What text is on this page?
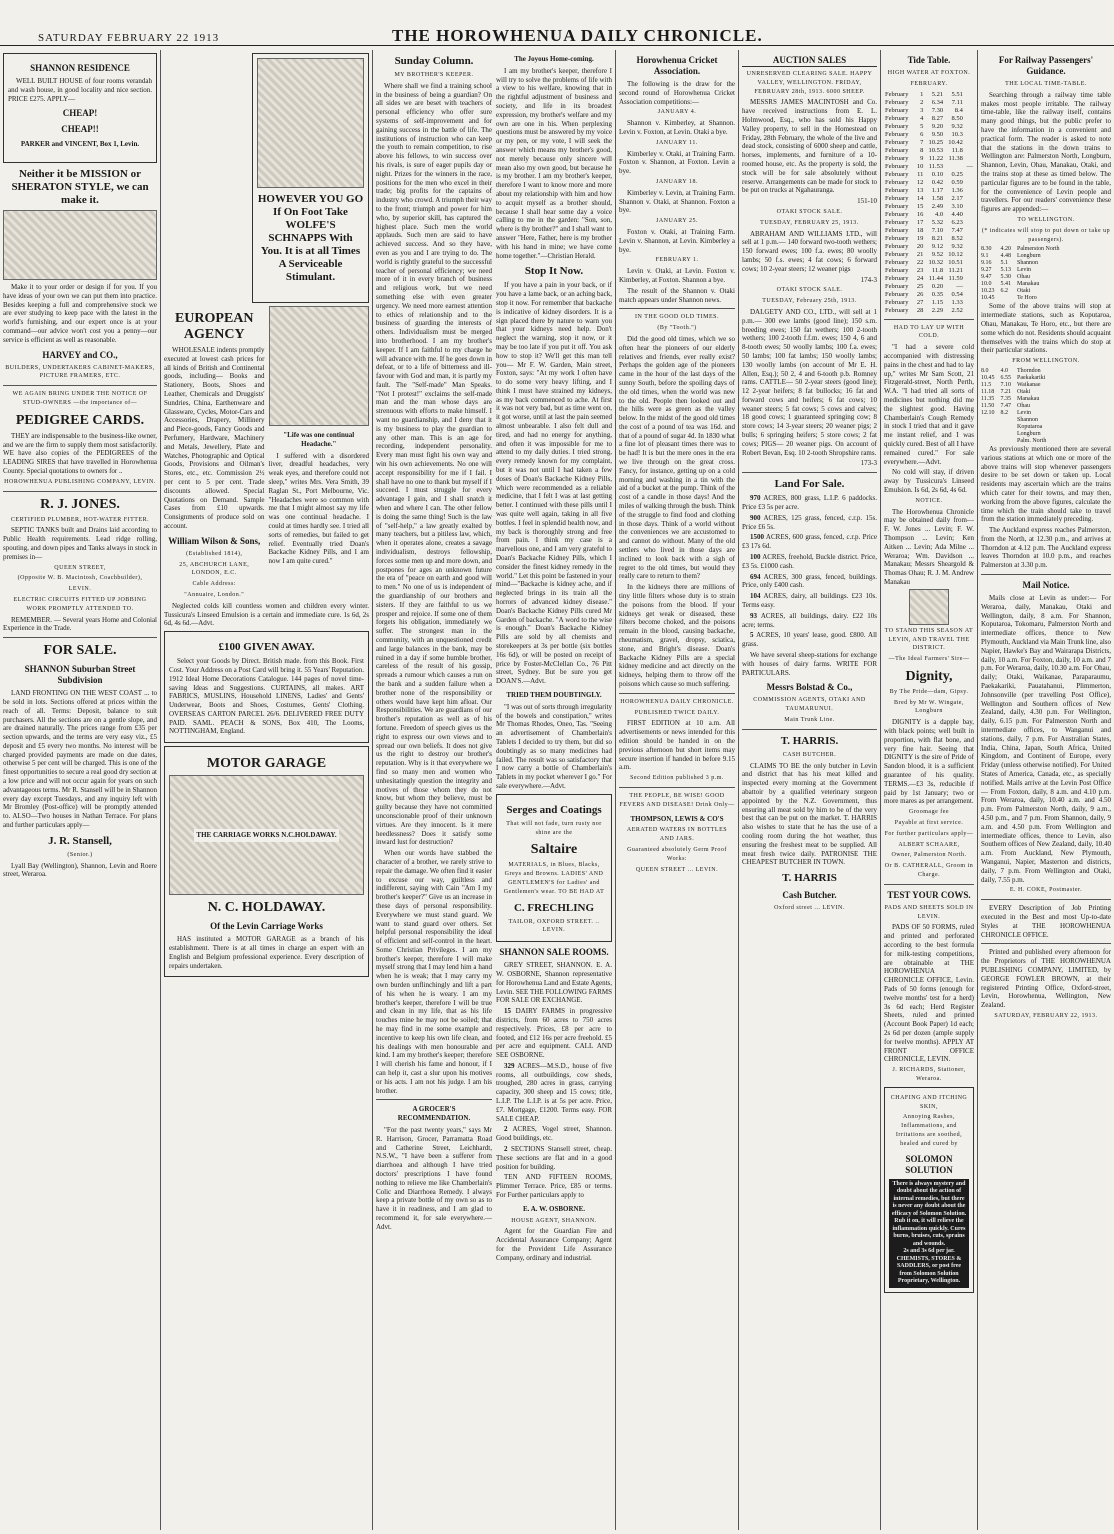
SATURDAY FEBRUARY 22 1913	THE HOROWHENUA DAILY CHRONICLE.
SHANNON RESIDENCE

WELL BUILT HOUSE of four rooms verandah and wash house, in good locality and nice section. PRICE £275. APPLY—

CHEAP!
CHEAP!!
PARKER and VINCENT, Box 1, Levin.
Neither it be MISSION or SHERATON STYLE, we can make it.

Make it to your order or design if for you. If you have ideas of your own we can put them into practice. Besides keeping a full and comprehensive stock we are ever studying to keep pace with the latest in the world's furnishing, and our expert once is at your command—our advice won't cost you a penny—our service is efficient as well as reasonable.

HARVEY and CO.,
BUILDERS, UNDERTAKERS CABINET-MAKERS, PICTURE FRAMERS, ETC.
WE AGAIN BRING UNDER THE NOTICE OF STUD-OWNERS —the importance of—
PEDIGREE CARDS.

THEY are indispensable to the business-like owner, and we are the firm to supply them most satisfactorily. WE have also copies of the PEDIGREES of the LEADING SIRES that have travelled in Horowhenua County. Special quotations to owners for ..

HOROWHENUA PUBLISHING COMPANY, LEVIN.
R. J. JONES.
CERTIFIED PLUMBER, HOT-WATER FITTER.

SEPTIC TANKS built and Drains laid according to Public Health requirements. Lead ridge rolling, spouting, and down pipes and Tanks always in stock in premises in—

QUEEN STREET,
(Opposite W. B. Macintosh, Coachbuilder),
LEVIN.
ELECTRIC CIRCUITS FITTED UP JOBBING WORK PROMPTLY ATTENDED TO.

REMEMBER. — Several years Home and Colonial Experience in the Trade.

FOR SALE.
SHANNON Suburban Street Subdivision

LAND FRONTING ON THE WEST COAST ... to be sold in lots. Sections offered at prices within the reach of all. Terms: Deposit, balance to suit purchasers. All the sections are on a gentle slope, and are drained naturally. The prices range from £35 per section upwards, and the terms are very easy viz., £5 deposit and £5 every two months. No interest will be charged provided payments are made on due dates, otherwise 5 per cent will be charged. This is one of the finest opportunities to secure a real good dry section at a low price and will not occur again for years on such advantageous terms. Mr R. Stansell will be in Shannon every day except Tuesdays, and any inquiry left with Mr Bromley (Post-office) will be promptly attended to. ALSO—Two houses in Nathan Terrace. For plans and further particulars apply—

J. R. Stansell,
(Senior.)

Lyall Bay (Wellington), Shannon, Levin and Roere street, Weraroa.

HOWEVER YOU GO If On Foot Take WOLFE'S SCHNAPPS With You. It is at all Times A Serviceable Stimulant.
EUROPEAN AGENCY

WHOLESALE indents promptly executed at lowest cash prices for all kinds of British and Continental goods, including— Books and Stationery, Boots, Shoes and Leather, Chemicals and Druggists' Sundries, China, Earthenware and Glassware, Cycles, Motor-Cars and Accessories, Drapery, Millinery and Piece-goods, Fancy Goods and Perfumery, Hardware, Machinery and Metals, Jewellery, Plate and Watches, Photographic and Optical Goods, Provisions and Oilman's Stores, etc., etc. Commission 2½ per cent to 5 per cent. Trade discounts allowed. Special Quotations on Demand. Sample Cases from £10 upwards. Consignments of produce sold on account.

William Wilson & Sons,
(Established 1814),
25, ABCHURCH LANE, LONDON, E.C.
Cable Address:
"Annuaire, London."
"Life was one continual Headache."

I suffered with a disordered liver, dreadful headaches, very weak eyes, and therefore could not sleep," writes Mrs. Vera Smith, 39 Raglan St., Port Melbourne, Vic. "Headaches were so common with me that I might almost say my life was one continual headache. I could at times hardly see. I tried all sorts of remedies, but failed to get relief. Eventually tried Doan's Backache Kidney Pills, and I am now I am quite cured."

Neglected colds kill countless women and children every winter. Tussicura's Linseed Emulsion is a certain and immediate cure. 1s 6d, 2s 6d, 4s 6d.—Advt.

£100 GIVEN AWAY.

Select your Goods by Direct. British made. from this Book. First Cost. Your Address on a Post Card will bring it. 55 Years' Reputation. 1912 Ideal Home Decorations Catalogue. 144 pages of novel time-saving Ideas and Suggestions. CURTAINS, all makes. ART FABRICS, MUSLINS, Household LINENS, Ladies' and Gents' Underwear, Boots and Shoes, Costumes, Gents' Clothing. OVERSEAS CARTON PARCEL 26/6. DELIVERED FREE DUTY PAID. SAML. PEACH & SONS, Box 410, The Looms, NOTTINGHAM, England.

MOTOR GARAGE
THE CARRIAGE WORKS N.C.HOLDAWAY.
N. C. HOLDAWAY.
Of the Levin Carriage Works

HAS instituted a MOTOR GARAGE as a branch of his establishment. There is at all times in charge an expert with an English and Belgium professional experience. Every description of repairs undertaken.

Sunday Column.
MY BROTHER'S KEEPER.

Where shall we find a training school in the business of being a guardian? On all sides we are beset with teachers of personal efficiency who offer sure systems of self-improvement and for gaining success in the battle of life. The institutions of instruction who can keep the youth to remain competition, to rise above his fellows, to win success over his rivals, is sure of eager pupils day or night. Prizes for the winners in the race, positions for the men who excel in their trade; big profits for the captains of industry who crowd. A triumph their way to the front; triumph and power for him who, by superior skill, has captured the highest place. Such men the world applauds. Such men are said to have achieved success. And so they have, even as you and I are trying to do. The world is rightly grateful to the successful teacher of personal efficiency; we need more of it in every branch of business and religious work, but we need something else with even greater urgency. We need more earnest attention to ethics of relationship and to the business of guarding the interests of others. Individualism must be merged into brotherhood. I am my brother's keeper. If I am faithful to my charge he will advance with me. If he goes down in defeat, or to a life of bitterness and ill-favour with God and man, it is partly my fault. The "Self-made" Man Speaks. "Not I protest!" exclaims the self-made man and the man whose days are strenuous with efforts to make himself. I want no guardianship, and I deny that it is my business to play the guardian to any other man. This is an age for recording, independent personality. Every man must fight his own way and win his own achievements. No one will accept responsibility for me if I fail. I shall have no one to thank but myself if I succeed. I must struggle for every advantage I gain, and I shall snatch it when and where I can. The other fellow is doing the same thing! Such is the law of "self-help," a law greatly exalted by many teachers, but a pitiless law, which, when it operates alone, creates a savage individualism, destroys fellowship, forces some men up and more down, and postpones for ages an unknown future the era of "peace on earth and good will to men." No one of us is independent of the guardianship of our brothers and sisters. If they are faithful to us we prosper and rejoice. If some one of them forgets his obligation, immediately we suffer. The strongest man in the community, with an unquestioned credit and large balances in the bank, may be ruined in a day if some humble brother, careless of the result of his gossip, spreads a rumour which causes a run on the bank and a sudden failure when a brother none of the responsibility or others would have kept him afloat. Our Responsibilities. We are guardians of our brother's reputation as well as of his fortune. Freedom of speech gives us the right to express our own views and to spread our own beliefs. It does not give us the right to destroy our brother's reputation. Why is it that everywhere we find so many men and women who unhesitatingly question the integrity and motives of those whom they do not know, but whom they believe, must be guilty because they have not committed unconscionable proof of their unknown virtues. Are they innocent. Is it mere heedlessness? Does it satisfy some inward lust for destruction?

When our words have stabbed the character of a brother, we rarely strive to repair the damage. We often find it easier to excuse our way, guiltless and indifferent, saying with Cain "Am I my brother's keeper?" Give us an increase in these days of personal responsibility. Everywhere we must stand guard. We want to stand guard over others. Set helpful personal responsibility the ideal of efficient and self-control in the heart. Some Christian Privileges. I am my brother's keeper, therefore I will make myself strong that I may lend him a hand when he is weak; that I may carry my own burden unflinchingly and lift a part of his when he is weary. I am my brother's keeper, therefore I will be true and clean in my life, that as his life touches mine he may not be soiled; that he may find in me some example and incentive to keep his own life clean, and his dealings with men honourable and kind. I am my brother's keeper; therefore I will cherish his fame and honour, if I can help it, cast a slur upon his motives or his acts. I am not his judge. I am his brother.

A GROCER'S RECOMMENDATION.

"For the past twenty years," says Mr R. Harrison, Grocer, Parramatta Road and Catherine Street, Leichhardt, N.S.W., "I have been a sufferer from diarrhoea and although I have tried doctors' prescriptions I have found nothing to relieve me like Chamberlain's Colic and Diarrhoea Remedy. I always keep a private bottle of my own so as to have it in readiness, and I am glad to recommend it, for sale everywhere.—Advt.

The Joyous Home-coming.

I am my brother's keeper, therefore I will try to solve the problems of life with a view to his welfare, knowing that in the rightful adjustment of business and society, and life in its broadest expression, my brother's welfare and my own are one in his. When perplexing questions must be answered by my voice or my pen, or my vote, I will seek the answer which means my brother's good, not merely because only sincere will mean also my own good, but because he is my brother. I am my brother's keeper, therefore I want to know more and more about my relationship with him and how to acquit myself as a brother should, because I shall hear some day a voice calling to me in the garden: "Son, son, where is thy brother?" and I shall want to answer "Here, Father, here is my brother with his hand in mine; we have come home together."—Christian Herald.

Stop It Now.

If you have a pain in your back, or if you have a lame back, or an aching back, stop it now. For remember that backache is indicative of kidney disorders. It is a sign placed there by nature to warn you that your kidneys need help. Don't neglect the warning, stop it now, or it may be too late if you put it off. You ask how to stop it? We'll get this man tell you— Mr F. W. Garden, Main street, Foxton, says: "At my work I often have to do some very heavy lifting, and I think I must have strained my kidneys, as my back commenced to ache. At first it was not very bad, but as time went on, it got worse, until at last the pain seemed almost unbearable. I also felt dull and tired, and had no energy for anything, and often it was impossible for me to attend to my daily duties. I tried strong, every remedy known for my complaint, but it was not until I had taken a few doses of Doan's Backache Kidney Pills, which were recommended as a reliable medicine, that I felt I was at last getting better. I continued with these pills until I was quite well again, taking in all five bottles. I feel in splendid health now, and my back is thoroughly strong and free from pain. I think my case is a marvellous one, and I am very grateful to Doan's Backache Kidney Pills, which I consider the finest kidney remedy in the world." Let this point be fastened in your mind—"Backache is kidney ache, and if neglected brings in its train all the horrors of advanced kidney disease." Doan's Backache Kidney Pills cured Mr Garden of backache. "A word to the wise is enough." Doan's Backache Kidney Pills are sold by all chemists and storekeepers at 3s per bottle (six bottles 16s 6d), or will be posted on receipt of price by Foster-McClellan Co., 76 Pitt street, Sydney. But be sure you get DOAN'S.—Advt.

TRIED THEM DOUBTINGLY.

"I was out of sorts through irregularity of the bowels and constipation," writes Mr Thomas Rhodes, Oneo, Tas. "Seeing an advertisement of Chamberlain's Tablets I decided to try them, but did so doubtingly as so many medicines had failed. The result was so satisfactory that I now carry a bottle of Chamberlain's Tablets in my pocket wherever I go." For sale everywhere.—Advt.

Serges and Coatings
That will not fade, turn rusty nor shine are the
Saltaire
MATERIALS, in Blues, Blacks, Greys and Browns. LADIES' AND GENTLEMEN'S for Ladies' and Gentlemen's wear. TO BE HAD AT
C. FRECHLING
TAILOR, OXFORD STREET. .. LEVIN.
SHANNON SALE ROOMS.

GREY STREET, SHANNON. E. A. W. OSBORNE, Shannon representative for Horowhenua Land and Estate Agents, Levin. SEE THE FOLLOWING FARMS FOR SALE OR EXCHANGE.

15 DAIRY FARMS in progressive districts, from 60 acres to 750 acres respectively. Prices, £8 per acre to footed, and £12 16s per acre freehold. £5 per acre and equipment. CALL AND SEE OSBORNE.

329 ACRES—M.S.D., house of five rooms, all outbuildings, cow sheds, troughed, 280 acres in grass, carrying capacity, 300 sheep and 15 cows; title, L.I.P. The L.I.P. is at 5s per acre. Price, £7. Mortgage, £1200. Terms easy. FOR SALE CHEAP.

2 ACRES, Vogel street, Shannon. Good buildings, etc.

2 SECTIONS Stansell street, cheap. These sections are flat and in a good position for building.

TEN AND FIFTEEN ROOMS, Plimmer Terrace. Price, £85 or terms. For Further particulars apply to

E. A. W. OSBORNE.
HOUSE AGENT, SHANNON.

Agent for the Guardian Fire and Accidental Assurance Company; Agent for the Provident Life Assurance Company, ordinary and industrial.

Horowhenua Cricket Association.

The following is the draw for the second round of Horowhenua Cricket Association competitions:—

JANUARY 4.

Shannon v. Kimberley, at Shannon. Levin v. Foxton, at Levin. Otaki a bye.

JANUARY 11.

Kimberley v. Otaki, at Training Farm. Foxton v. Shannon, at Foxton. Levin a bye.

JANUARY 18.

Kimberley v. Levin, at Training Farm. Shannon v. Otaki, at Shannon. Foxton a bye.

JANUARY 25.

Foxton v. Otaki, at Training Farm. Levin v. Shannon, at Levin. Kimberley a bye.

FEBRUARY 1.

Levin v. Otaki, at Levin. Foxton v. Kimberley, at Foxton. Shannon a bye.

The result of the Shannon v. Otaki match appears under Shannon news.

IN THE GOOD OLD TIMES.
(By "Tooth.")

Did the good old times, which we so often hear the pioneers of our elderly relatives and friends, ever really exist? Perhaps the golden age of the pioneers came in the hour of the last days of the sunny South, before the spoiling days of the old times, when the world was new to the old. People then looked out and the hills were as green as the valley below. In the midst of the good old times the cost of a pound of tea was 16d. and that of a pound of sugar 4d. In 1830 what a fine lot of pleasant times there was to be had! It is but the mere ones in the era we live through on the great cross. Fancy, for instance, getting up on a cold morning and washing in a tin with the aid of a bucket at the pump. Think of the cost of a candle in those days! And the miles of walking through the bush. Think of the struggle to find food and clothing in those days. Think of a world without the conveniences we are accustomed to and cannot do without. Many of the old settlers who lived in those days are inclined to look back with a sigh of regret to the old times, but would they really care to return to them?

In the kidneys there are millions of tiny little filters whose duty is to strain the poisons from the blood. If your kidneys get weak or diseased, these filters become choked, and the poisons remain in the blood, causing backache, rheumatism, gravel, dropsy, sciatica, stone, and Bright's disease. Doan's Backache Kidney Pills are a special kidney medicine and act directly on the kidneys, helping them to throw off the poisons which cause so much suffering.

HOROWHENUA DAILY CHRONICLE.
PUBLISHED TWICE DAILY.

FIRST EDITION at 10 a.m. All advertisements or news intended for this edition should be handed in on the previous afternoon but short items may secure insertion if handed in before 9.15 a.m.

Second Edition published 3 p.m.
THE PEOPLE, BE WISE! GOOD FEVERS AND DISEASE! Drink Only—
THOMPSON, LEWIS & CO'S
AERATED WATERS IN BOTTLES AND JARS.
Guaranteed absolutely Germ Proof Works:
QUEEN STREET ... LEVIN.
AUCTION SALES
UNRESERVED CLEARING SALE. HAPPY VALLEY, WELLINGTON. FRIDAY, FEBRUARY 28th, 1913. 6000 SHEEP.

MESSRS JAMES MACINTOSH and Co. have received instructions from E. L. Holmwood, Esq., who has sold his Happy Valley property, to sell in the Homestead on Friday, 28th February, the whole of the live and dead stock, consisting of 6000 sheep and cattle, horses, implements, and furniture of a 10-roomed house, etc. As the property is sold, the stock will be for sale absolutely without reserve. Arrangements can be made for stock to be put on trucks at Ngahauranga.

151-10
OTAKI STOCK SALE.
TUESDAY, FEBRUARY 25, 1913.

ABRAHAM AND WILLIAMS LTD., will sell at 1 p.m.— 140 forward two-tooth wethers; 150 forward ewes; 100 f.a. ewes; 80 woolly lambs; 50 f.s. ewes; 4 fat cows; 6 forward cows; 10 2-year steers; 12 weaner pigs

174-3
OTAKI STOCK SALE.
TUESDAY, February 25th, 1913.

DALGETY AND CO., LTD., will sell at 1 p.m.— 300 ewe lambs (good line); 150 s.m. breeding ewes; 150 fat wethers; 100 2-tooth wethers; 100 2-tooth f.f.m. ewes; 150 4, 6 and 8-tooth ewes; 50 woolly lambs; 100 f.a. ewes; 50 lambs; 100 fat lambs; 150 woolly lambs; 130 woolly lambs (on account of Mr E. H. Allen, Esq.); 50 2, 4 and 6-tooth p.b. Romney rams. CATTLE— 50 2-year steers (good line); 12 2-year heifers; 8 fat bullocks; 16 fat and forward cows and heifers; 6 fat cows; 10 weaner steers; 5 fat cows; 5 cows and calves; 18 good cows; 1 guaranteed springing cow; 8 store cows; 14 3-year steers; 20 weaner pigs; 2 bulls; 6 springing heifers; 5 store cows; 2 fat cows; PIGS— 20 weaner pigs. On account of Robert Bevan, Esq. 10 2-tooth Shropshire rams.

173-3
Land For Sale.

970 ACRES, 800 grass, L.I.P. 6 paddocks. Price £3 5s per acre.

900 ACRES, 125 grass, fenced, c.r.p. 15s. Price £6 5s.

1500 ACRES, 600 grass, fenced, c.r.p. Price £3 17s 6d.

100 ACRES, freehold, Buckle district. Price, £3 5s. £1000 cash.

694 ACRES, 300 grass, fenced, buildings. Price, only £400 cash.

104 ACRES, dairy, all buildings. £23 10s. Terms easy.

93 ACRES, all buildings, dairy. £22 10s acre; terms.

5 ACRES, 10 years' lease, good. £800. All grass.

We have several sheep-stations for exchange with houses of dairy farms. WRITE FOR PARTICULARS.

Messrs Bolstad & Co.,
COMMISSION AGENTS, OTAKI AND TAUMARUNUI.
Main Trunk Line.
T. HARRIS.
CASH BUTCHER.

CLAIMS TO BE the only butcher in Levin and district that has his meat killed and inspected every morning at the Government abattoir by a qualified veterinary surgeon appointed by the N.Z. Government, thus ensuring all meat sold by him to be of the very best that can be put on the market. T. HARRIS also wishes to state that he has the use of a cooling room during the hot weather, thus ensuring the freshest meat to be supplied. All meat fresh twice daily. PATRONISE THE CHEAPEST BUTCHER IN TOWN.

T. HARRIS
Cash Butcher.
Oxford street ... LEVIN.
Tide Table.
HIGH WATER AT FOXTON.
FEBRUARY.
February	1	5.21	5.51	
February	2	6.34	7.11	
February	3	7.30	8.4	
February	4	8.27	8.50	
February	5	9.20	9.32	
February	6	9.50	10.3	
February	7	10.25	10.42	
February	8	10.53	11.8	
February	9	11.22	11.38	
February	10	11.53		—
February	11	0.10	0.25	
February	12	0.42	0.59	
February	13	1.17	1.36	
February	14	1.58	2.17	
February	15	2.49	3.10	
February	16	4.0	4.40	
February	17	5.32	6.23	
February	18	7.10	7.47	
February	19	8.21	8.52	
February	20	9.12	9.32	
February	21	9.52	10.12	
February	22	10.32	10.51	
February	23	11.8	11.21	
February	24	11.44	11.59	
February	25	0.20	—	
February	26	0.35	0.54	
February	27	1.15	1.33	
February	28	2.29	2.52	
HAD TO LAY UP WITH COLD.

"I had a severe cold accompanied with distressing pains in the chest and had to lay up," writes Mr Sam Scott, 21 Fitzgerald-street, North Perth, W.A. "I had tried all sorts of medicines but nothing did me the slightest good. Having Chamberlain's Cough Remedy in stock I tried that and it gave me instant relief, and I was quickly cured. Best of all I have remained cured." For sale everywhere.—Advt.

No cold will stay, if driven away by Tussicura's Linseed Emulsion. Is 6d, 2s 6d, 4s 6d.

NOTICE.

The Horowhenua Chronicle may be obtained daily from— F. W. Jones ... Levin; F. W. Thompson ... Levin; Ken Aitken ... Levin; Ada Milne ... Weraroa; Wm. Davidson ... Manakau; Messrs Sheargold & Thomas Ohau; R. J. M. Andrew Manakau

TO STAND THIS SEASON AT LEVIN, AND TRAVEL THE DISTRICT.
—The Ideal Farmers' Sire—
Dignity,
By The Pride—dam, Gipsy.
Bred by Mr W. Wingate, Longburn

DIGNITY is a dapple bay, with black points; well built in proportion, with flat bone, and very fine hair. Seeing that DIGNITY is the sire of Pride of Sandon blood, it is a sufficient guarantee of his quality. TERMS.—£3 3s, reducible if paid by 1st January; two or more mares as per arrangement.

Groomage fee
Payable at first service.
For further particulars apply—
ALBERT SCHAARE,
Owner, Palmerston North.
Or B. CATHERALL, Groom in Charge.
TEST YOUR COWS.
PADS AND SHEETS SOLD IN LEVIN.

PADS OF 50 FORMS, ruled and printed and perforated according to the best formula for milk-testing competitions, are obtainable at THE HOROWHENUA CHRONICLE OFFICE, Levin. Pads of 50 forms (enough for twelve months' test for a herd) 3s 6d each; Herd Register Sheets, ruled and printed (Account Book Paper) 1d each; 2s 6d per dozen (ample supply for twelve months). APPLY AT FRONT OFFICE CHRONICLE, LEVIN.

J. RICHARDS, Stationer, Weraroa.
CHAFING AND ITCHING SKIN,
Annoying Rashes, Inflammations, and Irritations are soothed, healed and cured by
SOLOMON SOLUTION
There is always mystery and doubt about the action of internal remedies, but there is never any doubt about the efficacy of Solomon Solution. Rub it on, it will relieve the inflammation quickly. Cures burns, bruises, cuts, sprains and wounds.
2s and 3s 6d per jar.
CHEMISTS, STORES & SADDLERS, or post free from Solomon Solution Proprietary, Wellington.
For Railway Passengers' Guidance.
THE LOCAL TIME-TABLE.

Searching through a railway time table makes most people irritable. The railway time-table, like the railway itself, contains many good things, but the public prefer to have the information in a convenient and practical form. The reader is asked to note that the stations in the down trains to Wellington are: Palmerston North, Longburn, Shannon, Levin, Ohau, Manakau, Otaki, and the trains stop at these as timed below. The particular figures are to be found in the table, for the convenience of Levin people and travellers. For our readers' convenience these figures are appended:—

TO WELLINGTON.
(* indicates will stop to put down or take up passengers).
8.30
9.1
9.16
9.27
9.47
10.0
10.23
10.45
4.20
4.48
5.1
5.13
5.30
5.41
6.2
Palmerston North
Longburn
Shannon
Levin
Ohau
Manakau
Otaki
Te Horo

Some of the above trains will stop at intermediate stations, such as Koputaroa, Ohau, Manakau, Te Horo, etc., but there are some which do not. Residents should acquaint themselves with the trains which do stop at their particular stations.

FROM WELLINGTON.
8.0
10.45
11.5
11.18
11.35
11.50
12.10
4.0
6.55
7.10
7.21
7.35
7.47
8.2
Thorndon
Paekakariki
Waikanae
Otaki
Manakau
Ohau
Levin
Shannon
Koputaroa
Longburn
Palm. North

As previously mentioned there are several various stations at which one or more of the above trains will stop whenever passengers desire to be set down or taken up. Local residents may ascertain which are the trains which cater for their towns, and may then, working from the above figures, calculate the time which the train should take to travel from the station immediately preceding.

The Auckland express reaches Palmerston, from the North, at 12.30 p.m., and arrives at Thorndon at 4.12 p.m. The Auckland express leaves Thorndon at 10.0 p.m., and reaches Palmerston at 3.30 p.m.

Mail Notice.

Mails close at Levin as under:— For Weraroa, daily, Manakau, Otaki and Wellington, daily, 8 a.m. For Shannon, Koputaroa, Tokomaru, Palmerston North and intermediate offices, thence to New Plymouth, Auckland via Main Trunk line, also Napier, Hawke's Bay and Wairarapa Districts, daily, 10 a.m. For Foxton, daily, 10 a.m. and 7 p.m. For Weraroa, daily, 10.30 a.m. For Ohau, daily; Otaki, Waikanae, Paraparaumu, Paekakariki, Pauatahanui, Plimmerton, Johnsonville (per travelling Post Office), Wellington and Southern offices of New Zealand, daily, 4.30 p.m. For Wellington, daily, 6.15 p.m. For Palmerston North and intermediate offices, to Wanganui and stations, daily, 7 p.m. For Australian States, India, China, Japan, South Africa, United Kingdom, and Continent of Europe, every Friday (unless otherwise notified). For United States of America, Canada, etc., as specially notified. Mails arrive at the Levin Post Office— From Foxton, daily, 8 a.m. and 4.10 p.m. From Weraroa, daily, 10.40 a.m. and 4.50 p.m. From Palmerston North, daily, 9 a.m., 4.50 p.m., and 7 p.m. From Shannon, daily, 9 a.m. and 4.50 p.m. From Wellington and intermediate offices, thence to Levin, also Southern offices of New Zealand, daily, 10.40 a.m. From Auckland, New Plymouth, Wanganui, Napier, Masterton and districts, daily, 7 p.m. From Wellington and Otaki, daily, 7.55 p.m.

E. H. COKE, Postmaster.

EVERY Description of Job Printing executed in the Best and most Up-to-date Styles at THE HOROWHENUA CHRONICLE OFFICE.

Printed and published every afternoon for the Proprietors of THE HOROWHENUA PUBLISHING COMPANY, LIMITED, by GEORGE FOWLER BROWN, at their registered Printing Office, Oxford-street, Levin, Horowhenua, Wellington, New Zealand.

SATURDAY, FEBRUARY 22, 1913.
